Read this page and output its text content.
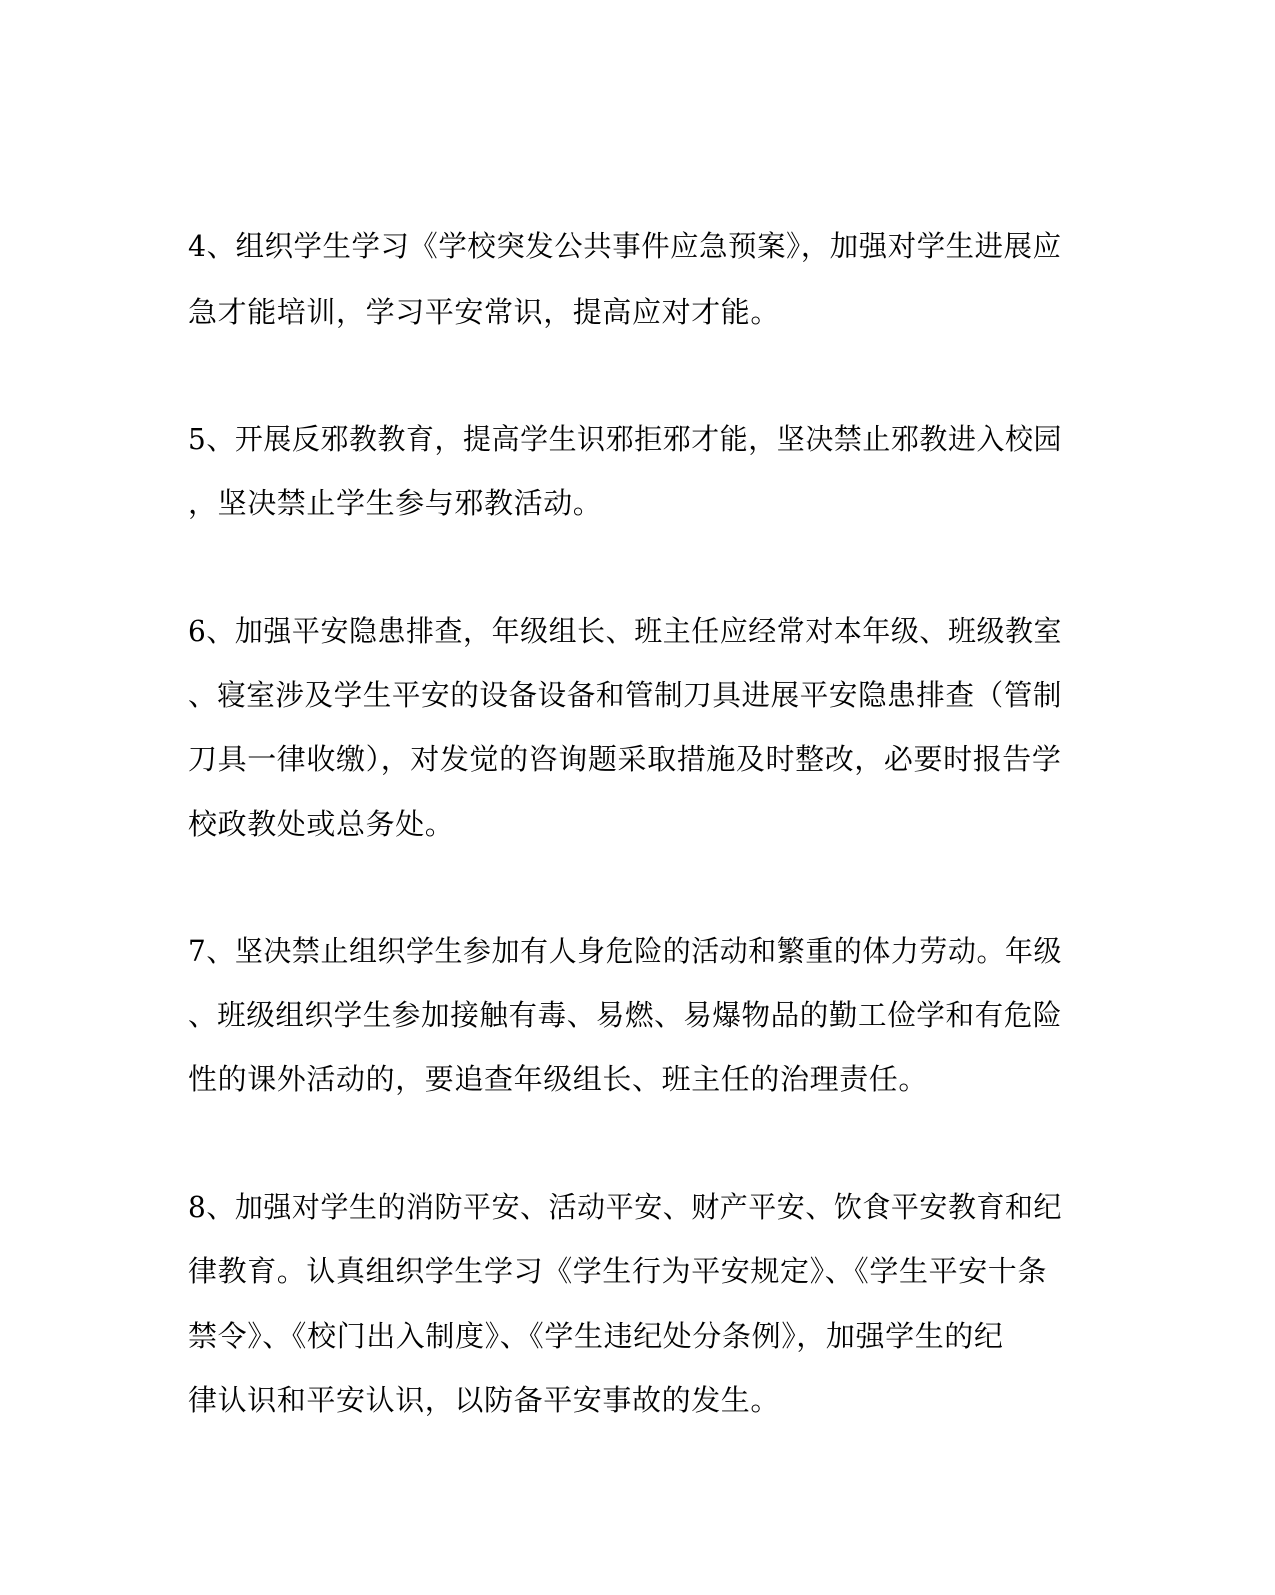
4、组织学生学习《学校突发公共事件应急预案》，加强对学生进展应
急才能培训，学习平安常识，提高应对才能。
5、开展反邪教教育，提高学生识邪拒邪才能，坚决禁止邪教进入校园
，坚决禁止学生参与邪教活动。
6、加强平安隐患排查，年级组长、班主任应经常对本年级、班级教室
、寝室涉及学生平安的设备设备和管制刀具进展平安隐患排查（管制
刀具一律收缴），对发觉的咨询题采取措施及时整改，必要时报告学
校政教处或总务处。
7、坚决禁止组织学生参加有人身危险的活动和繁重的体力劳动。年级
、班级组织学生参加接触有毒、易燃、易爆物品的勤工俭学和有危险
性的课外活动的，要追查年级组长、班主任的治理责任。
8、加强对学生的消防平安、活动平安、财产平安、饮食平安教育和纪
律教育。认真组织学生学习《学生行为平安规定》、《学生平安十条
禁令》、《校门出入制度》、《学生违纪处分条例》，加强学生的纪
律认识和平安认识，以防备平安事故的发生。
